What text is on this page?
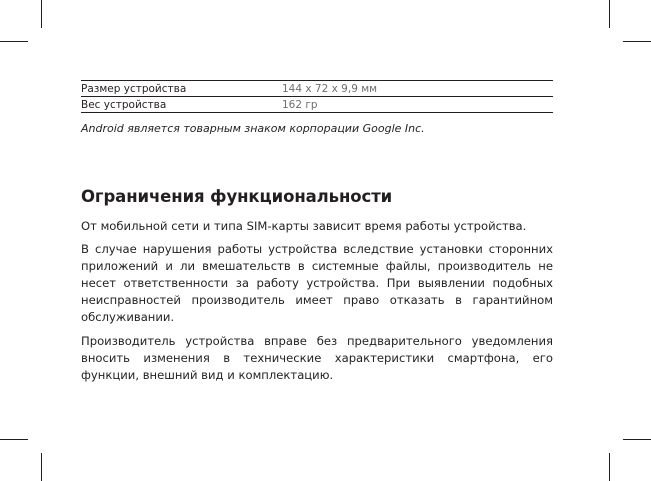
Размер устройства	144 x 72 x 9,9 мм
Вес устройства	162 гр
Android является товарным знаком корпорации Google Inc.
Ограничения функциональности

От мобильной сети и типа SIM-карты зависит время работы устройства.

В случае нарушения работы устройства вследствие установки сторонних приложений и ли вмешательств в системные файлы, производитель не несет ответственности за работу устройства. При выявлении подобных неисправностей производитель имеет право отказать в гарантийном обслуживании.

Производитель устройства вправе без предварительного уведомления вносить изменения в технические характеристики смартфона, его функции, внешний вид и комплектацию.
